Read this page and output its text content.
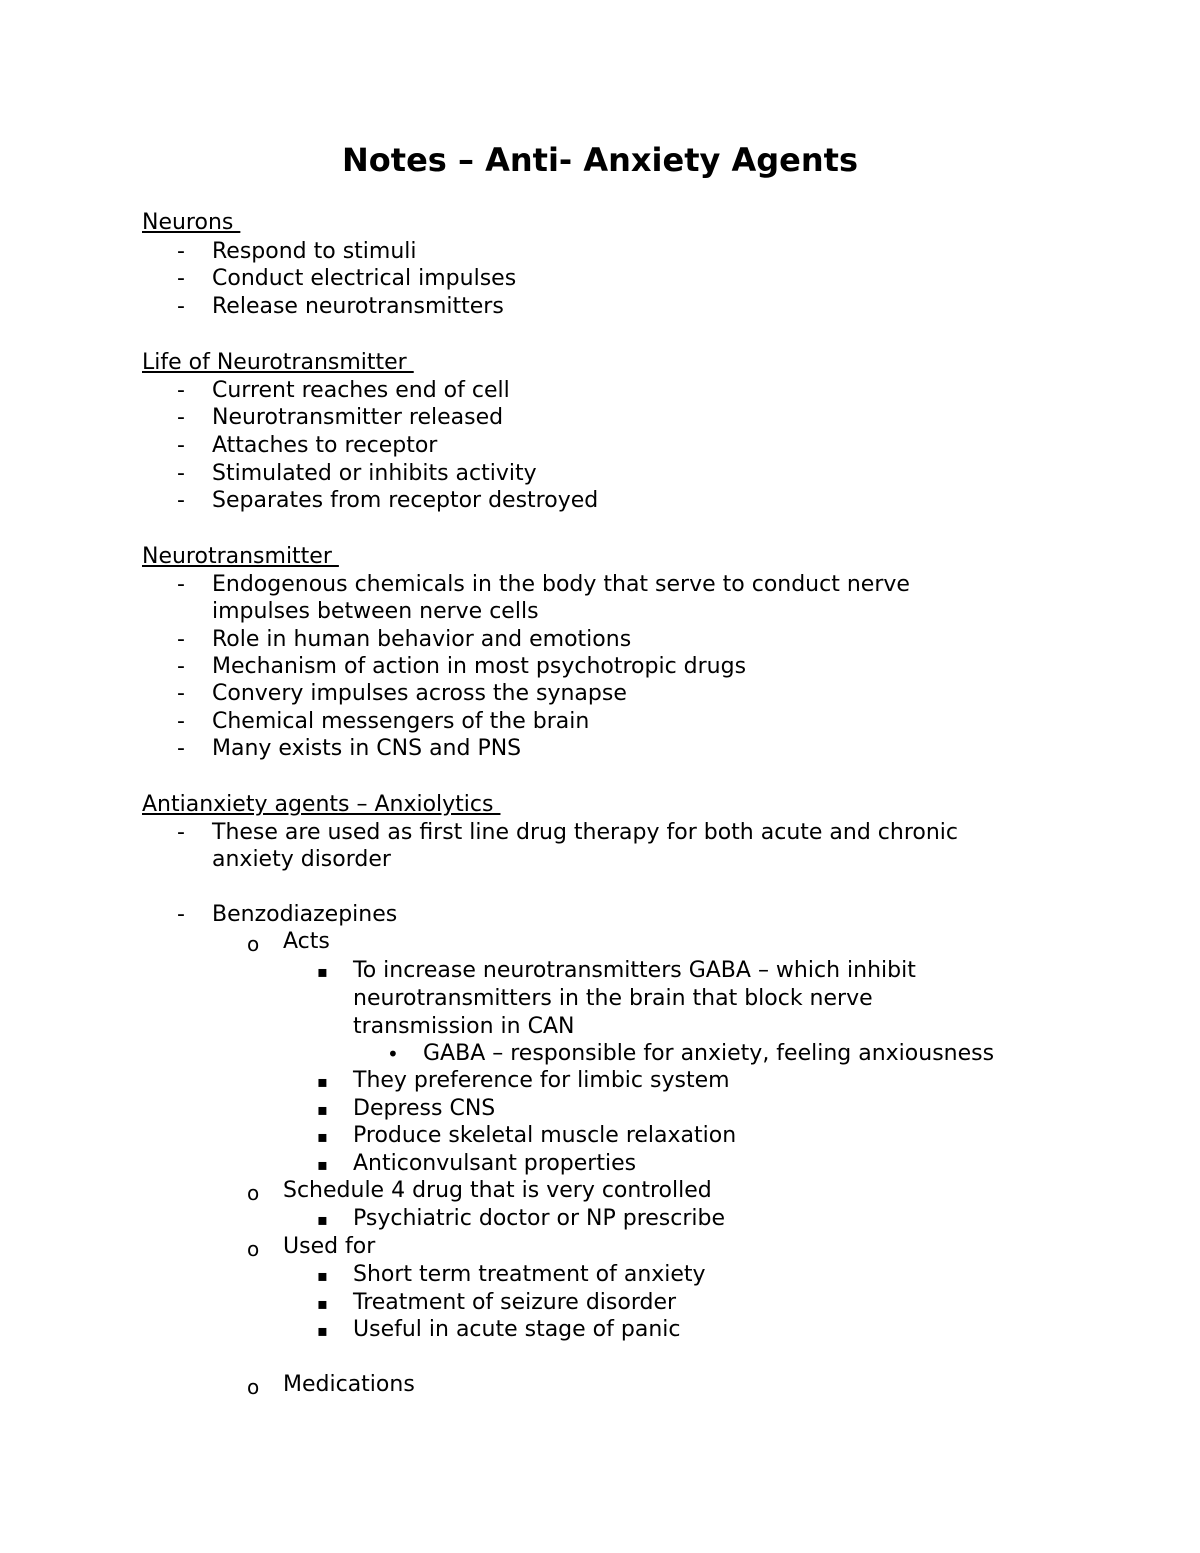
Notes – Anti- Anxiety Agents
Neurons
- Respond to stimuli
- Conduct electrical impulses
- Release neurotransmitters
Life of Neurotransmitter
- Current reaches end of cell
- Neurotransmitter released
- Attaches to receptor
- Stimulated or inhibits activity
- Separates from receptor destroyed
Neurotransmitter
- Endogenous chemicals in the body that serve to conduct nerve
impulses between nerve cells
- Role in human behavior and emotions
- Mechanism of action in most psychotropic drugs
- Convery impulses across the synapse
- Chemical messengers of the brain
- Many exists in CNS and PNS
Antianxiety agents – Anxiolytics
- These are used as first line drug therapy for both acute and chronic
anxiety disorder
- Benzodiazepines
o Acts
▪ To increase neurotransmitters GABA – which inhibit
neurotransmitters in the brain that block nerve
transmission in CAN
• GABA – responsible for anxiety, feeling anxiousness
▪ They preference for limbic system
▪ Depress CNS
▪ Produce skeletal muscle relaxation
▪ Anticonvulsant properties
o Schedule 4 drug that is very controlled
▪ Psychiatric doctor or NP prescribe
o Used for
▪ Short term treatment of anxiety
▪ Treatment of seizure disorder
▪ Useful in acute stage of panic
o Medications
